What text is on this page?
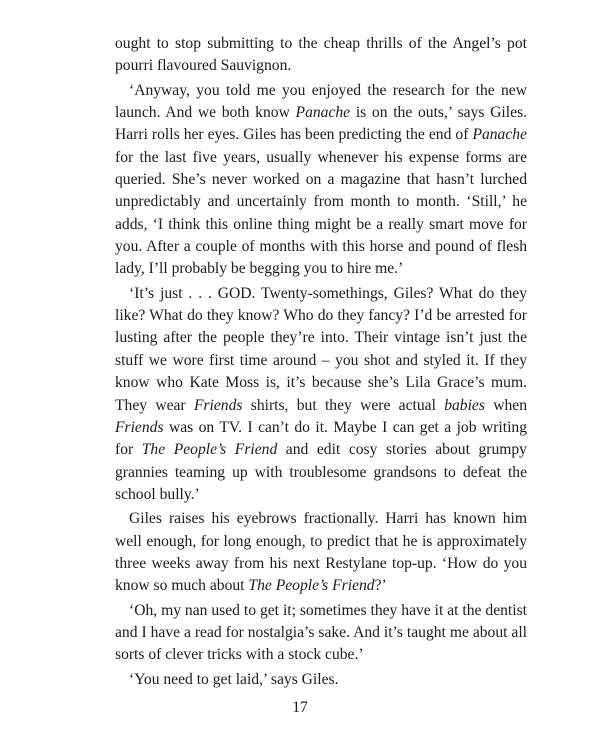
ought to stop submitting to the cheap thrills of the Angel’s pot pourri flavoured Sauvignon.

‘Anyway, you told me you enjoyed the research for the new launch. And we both know Panache is on the outs,’ says Giles. Harri rolls her eyes. Giles has been predicting the end of Panache for the last five years, usually whenever his expense forms are queried. She’s never worked on a magazine that hasn’t lurched unpredictably and uncertainly from month to month. ‘Still,’ he adds, ‘I think this online thing might be a really smart move for you. After a couple of months with this horse and pound of flesh lady, I’ll probably be begging you to hire me.’

‘It’s just . . . GOD. Twenty-somethings, Giles? What do they like? What do they know? Who do they fancy? I’d be arrested for lusting after the people they’re into. Their vintage isn’t just the stuff we wore first time around – you shot and styled it. If they know who Kate Moss is, it’s because she’s Lila Grace’s mum. They wear Friends shirts, but they were actual babies when Friends was on TV. I can’t do it. Maybe I can get a job writing for The People’s Friend and edit cosy stories about grumpy grannies teaming up with troublesome grandsons to defeat the school bully.’

Giles raises his eyebrows fractionally. Harri has known him well enough, for long enough, to predict that he is approximately three weeks away from his next Restylane top-up. ‘How do you know so much about The People’s Friend?’

‘Oh, my nan used to get it; sometimes they have it at the dentist and I have a read for nostalgia’s sake. And it’s taught me about all sorts of clever tricks with a stock cube.’

‘You need to get laid,’ says Giles.

17
